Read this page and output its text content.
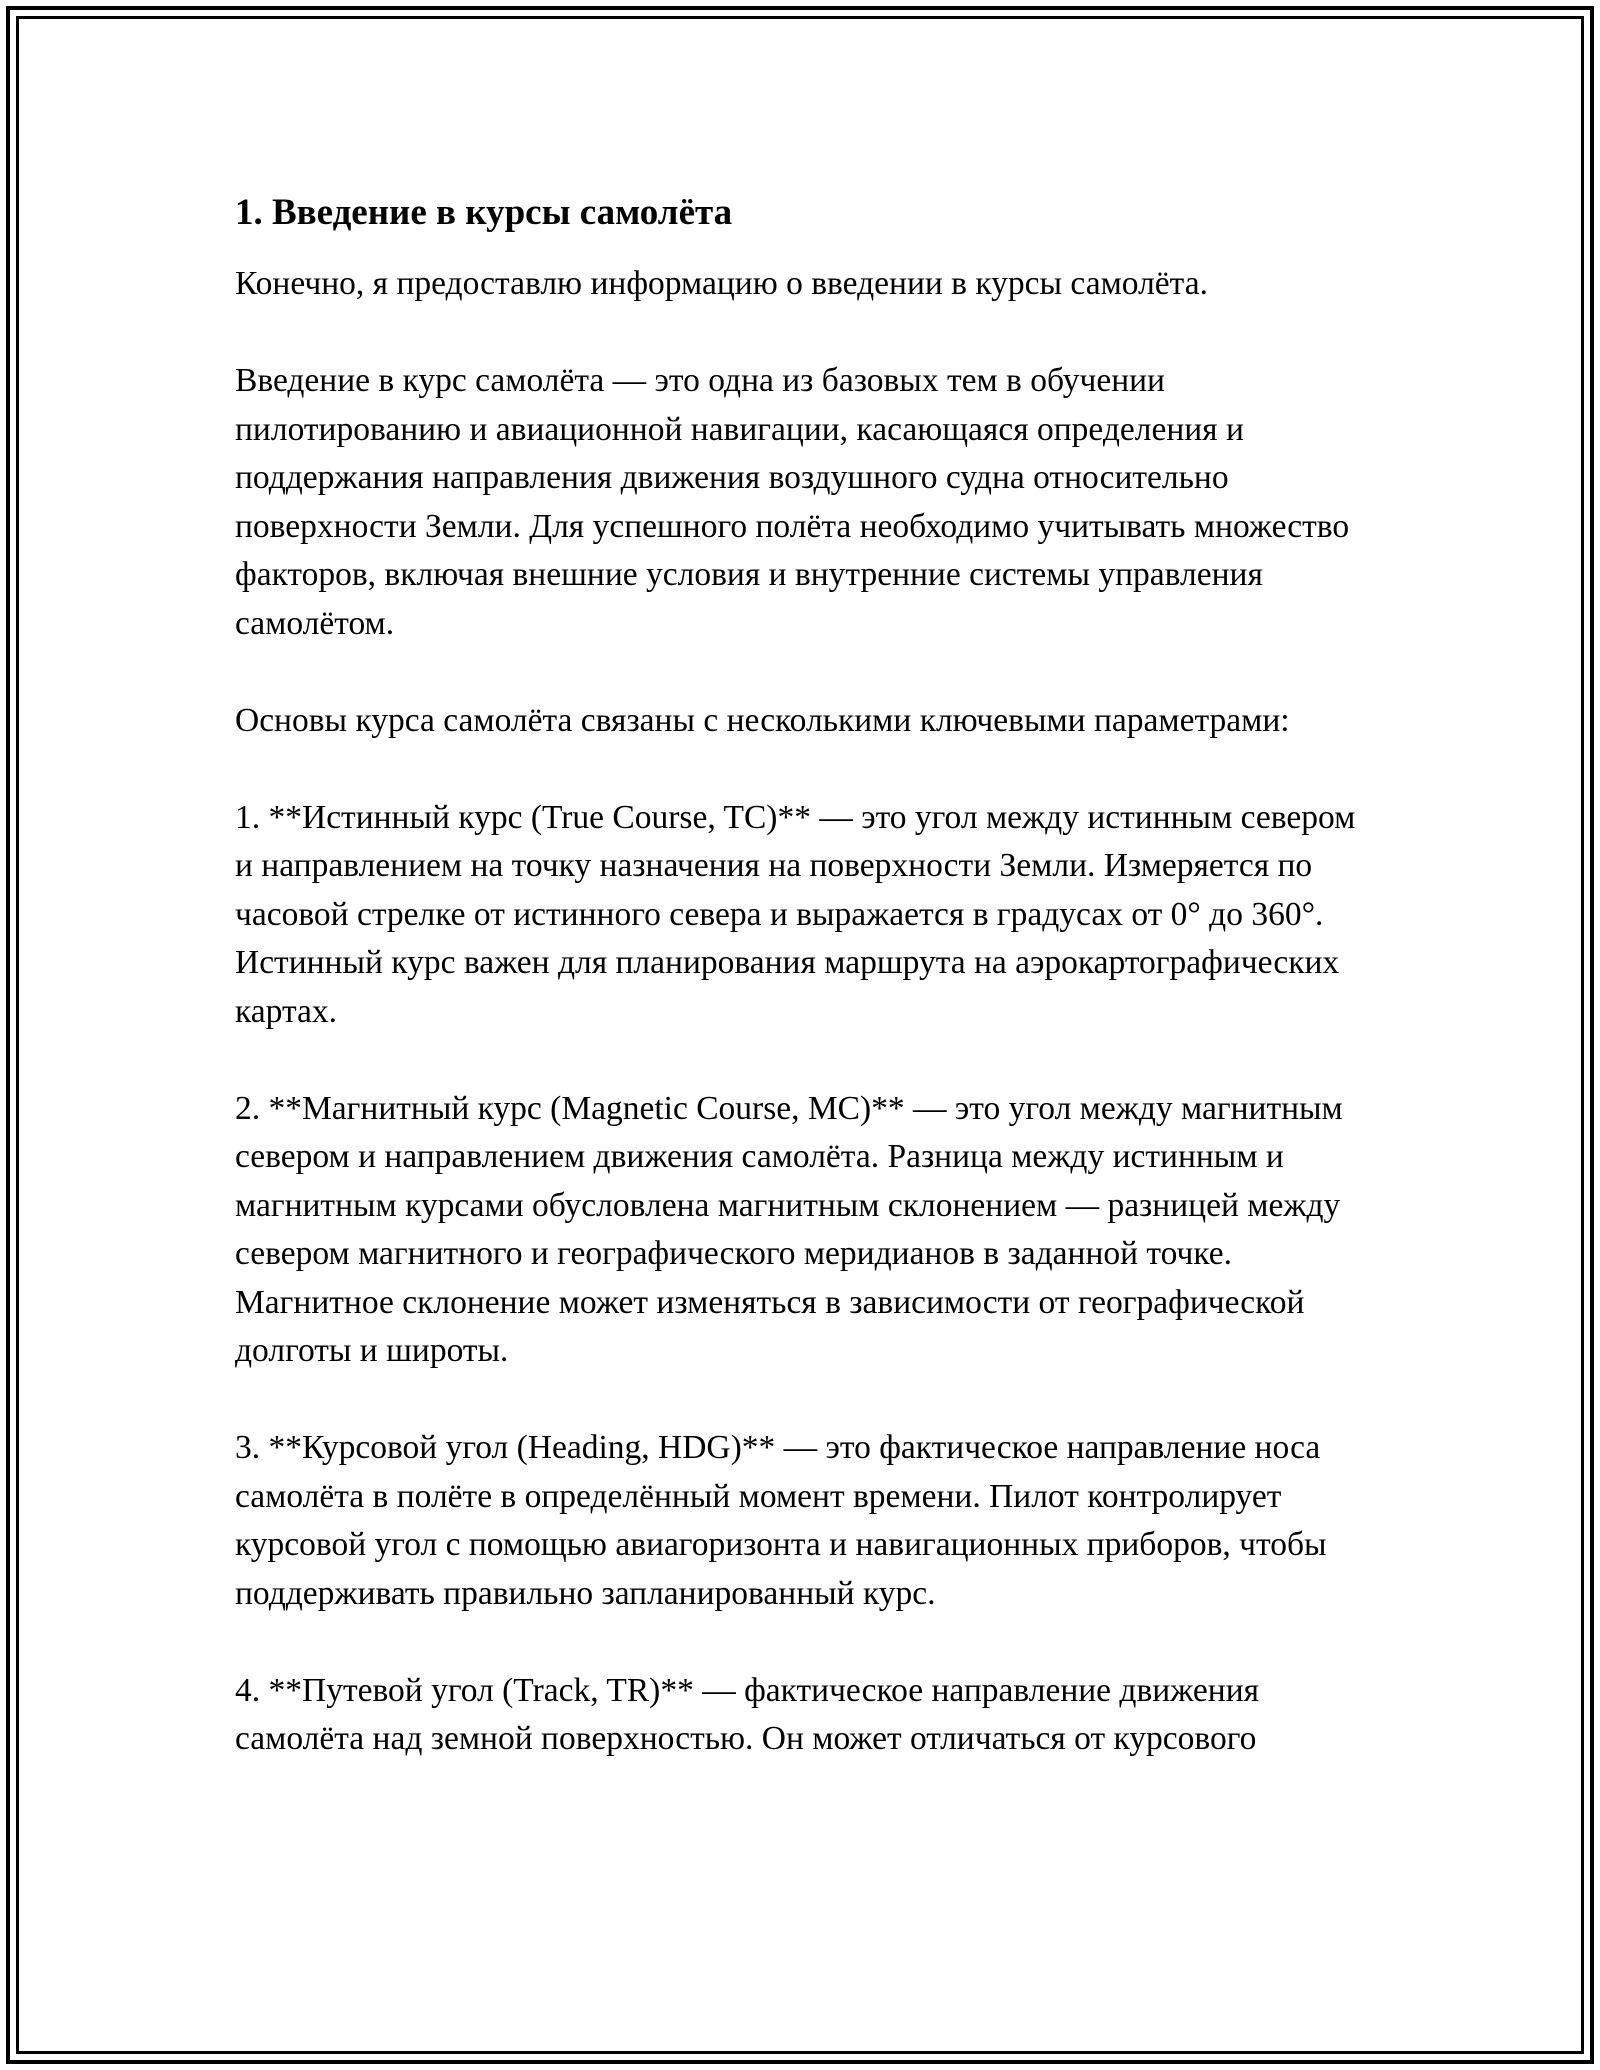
1. Введение в курсы самолёта

Конечно, я предоставлю информацию о введении в курсы самолёта.

Введение в курс самолёта — это одна из базовых тем в обучении пилотированию и авиационной навигации, касающаяся определения и поддержания направления движения воздушного судна относительно поверхности Земли. Для успешного полёта необходимо учитывать множество факторов, включая внешние условия и внутренние системы управления самолётом.

Основы курса самолёта связаны с несколькими ключевыми параметрами:

1. **Истинный курс (True Course, TC)** — это угол между истинным севером и направлением на точку назначения на поверхности Земли. Измеряется по часовой стрелке от истинного севера и выражается в градусах от 0° до 360°. Истинный курс важен для планирования маршрута на аэрокартографических картах.

2. **Магнитный курс (Magnetic Course, MC)** — это угол между магнитным севером и направлением движения самолёта. Разница между истинным и магнитным курсами обусловлена магнитным склонением — разницей между севером магнитного и географического меридианов в заданной точке. Магнитное склонение может изменяться в зависимости от географической долготы и широты.

3. **Курсовой угол (Heading, HDG)** — это фактическое направление носа самолёта в полёте в определённый момент времени. Пилот контролирует курсовой угол с помощью авиагоризонта и навигационных приборов, чтобы поддерживать правильно запланированный курс.

4. **Путевой угол (Track, TR)** — фактическое направление движения самолёта над земной поверхностью. Он может отличаться от курсового
